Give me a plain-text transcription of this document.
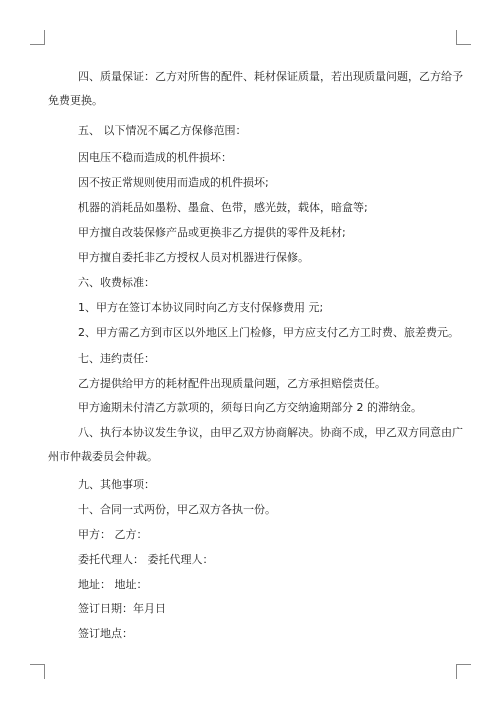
四、质量保证：乙方对所售的配件、耗材保证质量，若出现质量问题，乙方给予

免费更换。

五、 以下情况不属乙方保修范围：

因电压不稳而造成的机件损坏：

因不按正常规则使用而造成的机件损坏;

机器的消耗品如墨粉、墨盒、色带，感光鼓，载体，暗盒等;

甲方擅自改装保修产品或更换非乙方提供的零件及耗材;

甲方擅自委托非乙方授权人员对机器进行保修。

六、收费标准：

1、甲方在签订本协议同时向乙方支付保修费用 元;

2、甲方需乙方到市区以外地区上门检修，甲方应支付乙方工时费、旅差费元。

七、违约责任：

乙方提供给甲方的耗材配件出现质量问题，乙方承担赔偿责任。

甲方逾期未付清乙方款项的，须每日向乙方交纳逾期部分 2 的滞纳金。

八、执行本协议发生争议，由甲乙双方协商解决。协商不成，甲乙双方同意由广

州市仲裁委员会仲裁。

九、其他事项：

十、合同一式两份，甲乙双方各执一份。

甲方： 乙方：

委托代理人： 委托代理人：

地址： 地址：

签订日期：年月日

签订地点：
